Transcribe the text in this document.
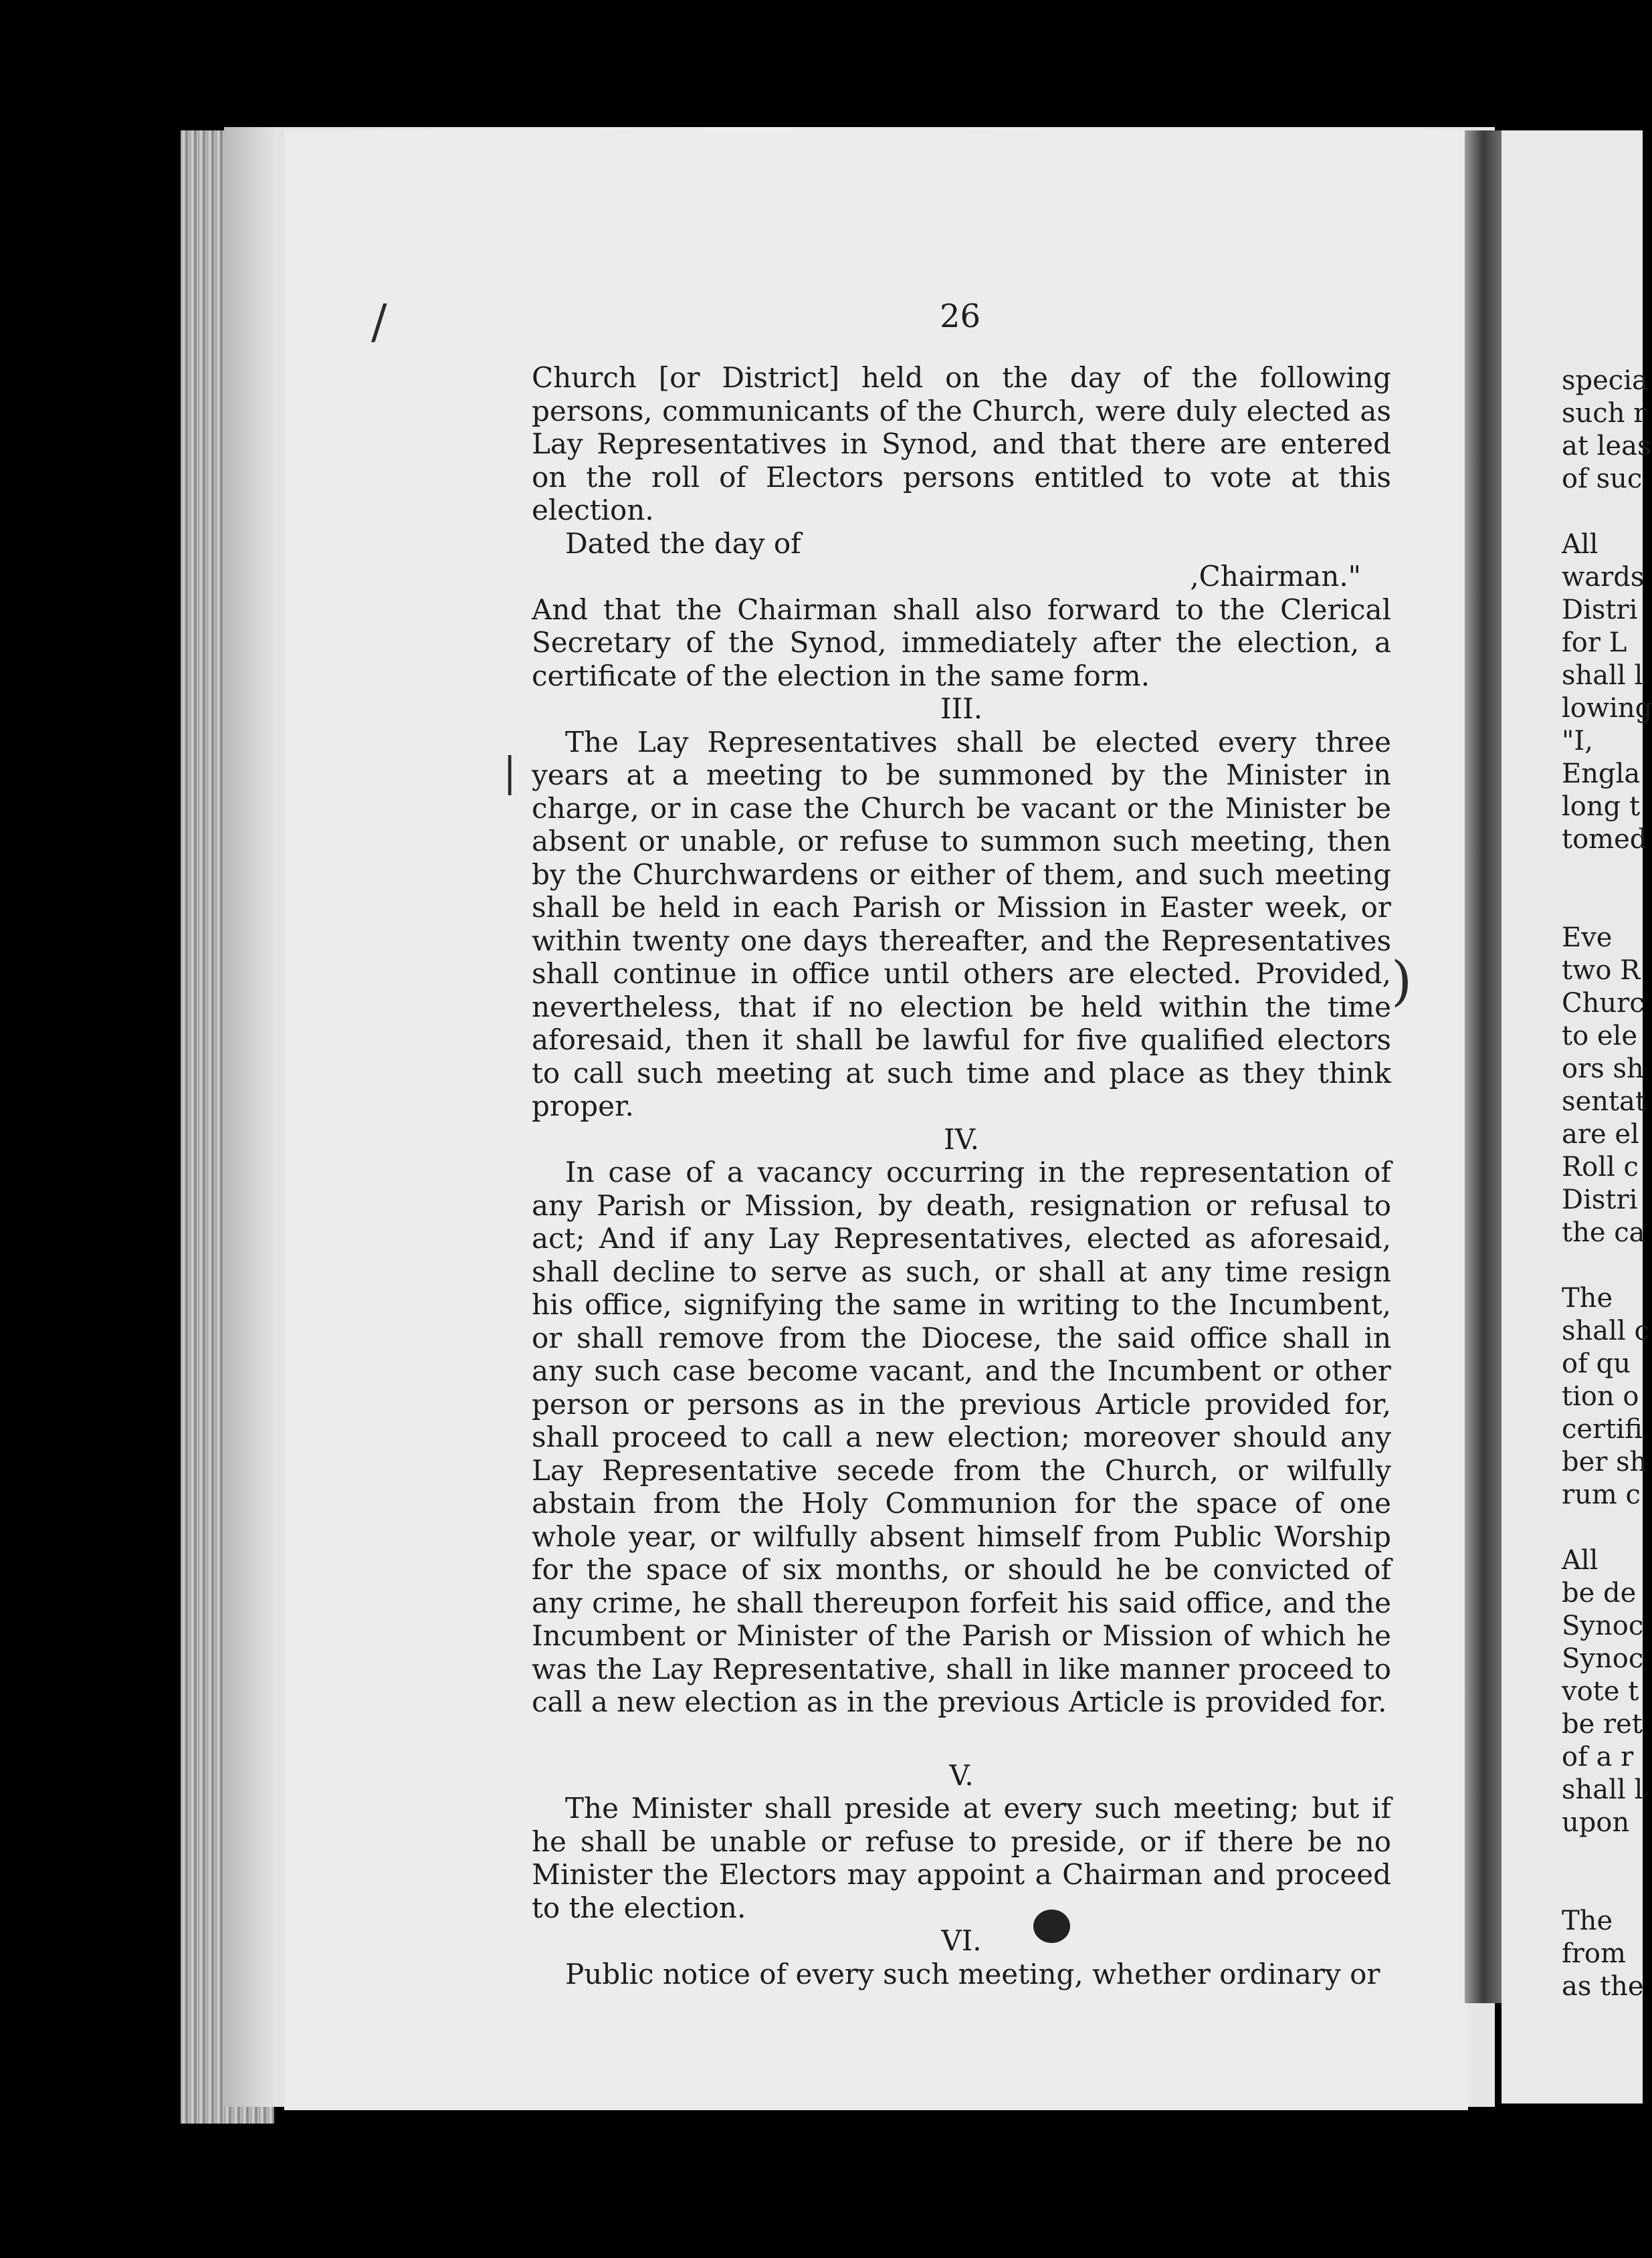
/
|
)
26

Church [or District] held on the day of the following persons, communicants of the Church, were duly elected as Lay Representatives in Synod, and that there are entered on the roll of Electors persons entitled to vote at this election.

Dated the day of

,Chairman."

And that the Chairman shall also forward to the Clerical Secretary of the Synod, immediately after the election, a certificate of the election in the same form.

III.

The Lay Representatives shall be elected every three years at a meeting to be summoned by the Minister in charge, or in case the Church be vacant or the Minister be absent or unable, or refuse to summon such meeting, then by the Churchwardens or either of them, and such meeting shall be held in each Parish or Mission in Easter week, or within twenty one days thereafter, and the Representatives shall continue in office until others are elected. Provided, nevertheless, that if no election be held within the time aforesaid, then it shall be lawful for five qualified electors to call such meeting at such time and place as they think proper.

IV.

In case of a vacancy occurring in the representation of any Parish or Mission, by death, resignation or refusal to act; And if any Lay Representatives, elected as aforesaid, shall decline to serve as such, or shall at any time resign his office, signifying the same in writing to the Incumbent, or shall remove from the Diocese, the said office shall in any such case become vacant, and the Incumbent or other person or persons as in the previous Article provided for, shall proceed to call a new election; moreover should any Lay Representative secede from the Church, or wilfully abstain from the Holy Communion for the space of one whole year, or wilfully absent himself from Public Worship for the space of six months, or should he be convicted of any crime, he shall thereupon forfeit his said office, and the Incumbent or Minister of the Parish or Mission of which he was the Lay Representative, shall in like manner proceed to call a new election as in the previous Article is provided for.

V.

The Minister shall preside at every such meeting; but if he shall be unable or refuse to preside, or if there be no Minister the Electors may appoint a Chairman and proceed to the election.

VI.

Public notice of every such meeting, whether ordinary or

specia
such r
at leas
of suc

All
wards
Distri
for L
shall l
lowing
"I,
Engla
long t
tomed

Eve
two R
Churc
to ele
ors sh
sentat
are el
Roll c
Distri
the ca

The
shall c
of qu
tion o
certifi
ber sh
rum c

All
be de
Synoc
Synoc
vote t
be ret
of a r
shall l
upon

The
from
as the
